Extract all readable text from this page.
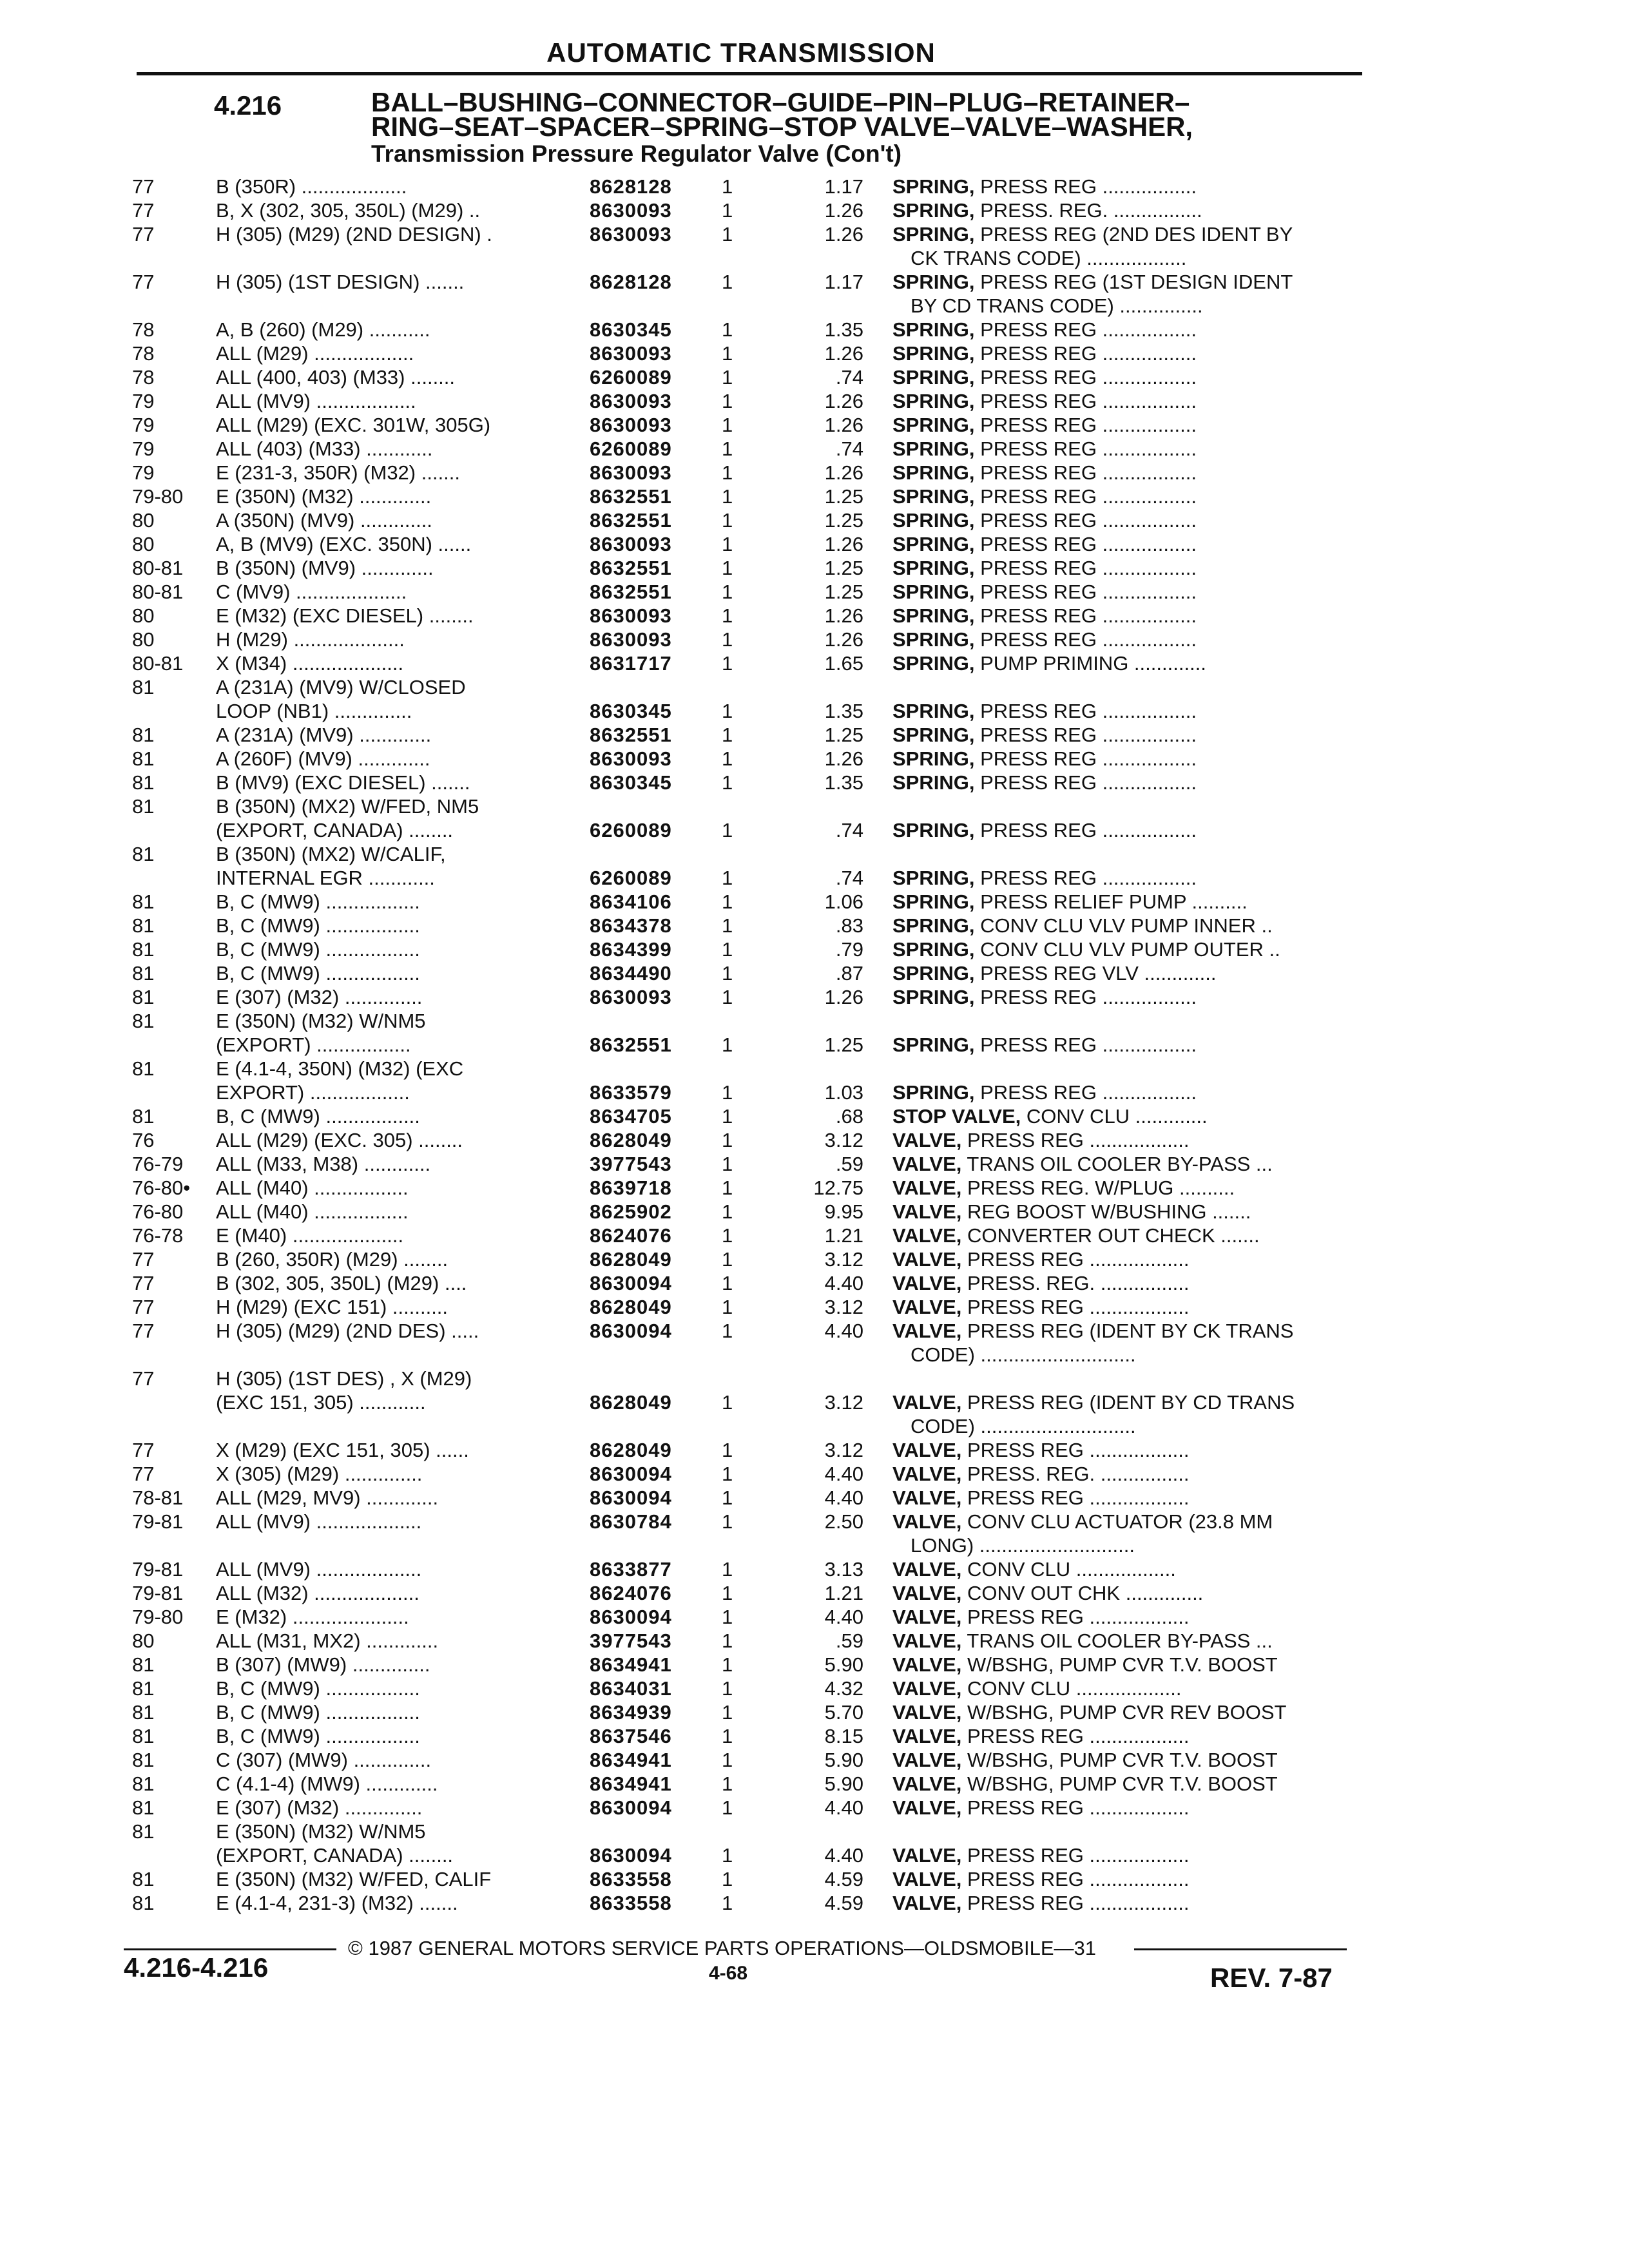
AUTOMATIC TRANSMISSION
4.216	BALL–BUSHING–CONNECTOR–GUIDE–PIN–PLUG–RETAINER–
RING–SEAT–SPACER–SPRING–STOP VALVE–VALVE–WASHER,
Transmission Pressure Regulator Valve (Con't)
77	B (350R) ...................	8628128 1	1.17 SPRING, PRESS REG .................
77	B, X (302, 305, 350L) (M29) ..	8630093 1	1.26 SPRING, PRESS. REG. ................
77	H (305) (M29) (2ND DESIGN) .	8630093 1	1.26 SPRING, PRESS REG (2ND DES IDENT BY
CK TRANS CODE) ..................
77	H (305) (1ST DESIGN) .......	8628128 1	1.17 SPRING, PRESS REG (1ST DESIGN IDENT
BY CD TRANS CODE) ...............
78	A, B (260) (M29) ...........	8630345 1	1.35 SPRING, PRESS REG .................
78	ALL (M29) ..................	8630093 1	1.26 SPRING, PRESS REG .................
78	ALL (400, 403) (M33) ........	6260089 1	.74 SPRING, PRESS REG .................
79	ALL (MV9) ..................	8630093 1	1.26 SPRING, PRESS REG .................
79	ALL (M29) (EXC. 301W, 305G)	8630093 1	1.26 SPRING, PRESS REG .................
79	ALL (403) (M33) ............	6260089 1	.74 SPRING, PRESS REG .................
79	E (231-3, 350R) (M32) .......	8630093 1	1.26 SPRING, PRESS REG .................
79-80	E (350N) (M32) .............	8632551 1	1.25 SPRING, PRESS REG .................
80	A (350N) (MV9) .............	8632551 1	1.25 SPRING, PRESS REG .................
80	A, B (MV9) (EXC. 350N) ......	8630093 1	1.26 SPRING, PRESS REG .................
80-81	B (350N) (MV9) .............	8632551 1	1.25 SPRING, PRESS REG .................
80-81	C (MV9) ....................	8632551 1	1.25 SPRING, PRESS REG .................
80	E (M32) (EXC DIESEL) ........	8630093 1	1.26 SPRING, PRESS REG .................
80	H (M29) ....................	8630093 1	1.26 SPRING, PRESS REG .................
80-81	X (M34) ....................	8631717 1	1.65 SPRING, PUMP PRIMING .............
81	A (231A) (MV9) W/CLOSED
LOOP (NB1) ..............	8630345 1	1.35 SPRING, PRESS REG .................
81	A (231A) (MV9) .............	8632551 1	1.25 SPRING, PRESS REG .................
81	A (260F) (MV9) .............	8630093 1	1.26 SPRING, PRESS REG .................
81	B (MV9) (EXC DIESEL) .......	8630345 1	1.35 SPRING, PRESS REG .................
81	B (350N) (MX2) W/FED, NM5
(EXPORT, CANADA) ........	6260089 1	.74 SPRING, PRESS REG .................
81	B (350N) (MX2) W/CALIF,
INTERNAL EGR ............	6260089 1	.74 SPRING, PRESS REG .................
81	B, C (MW9) .................	8634106 1	1.06 SPRING, PRESS RELIEF PUMP ..........
81	B, C (MW9) .................	8634378 1	.83 SPRING, CONV CLU VLV PUMP INNER ..
81	B, C (MW9) .................	8634399 1	.79 SPRING, CONV CLU VLV PUMP OUTER ..
81	B, C (MW9) .................	8634490 1	.87 SPRING, PRESS REG VLV .............
81	E (307) (M32) ..............	8630093 1	1.26 SPRING, PRESS REG .................
81	E (350N) (M32) W/NM5
(EXPORT) .................	8632551 1	1.25 SPRING, PRESS REG .................
81	E (4.1-4, 350N) (M32) (EXC
EXPORT) ..................	8633579 1	1.03 SPRING, PRESS REG .................
81	B, C (MW9) .................	8634705 1	.68 STOP VALVE, CONV CLU .............
76	ALL (M29) (EXC. 305) ........	8628049 1	3.12 VALVE, PRESS REG ..................
76-79	ALL (M33, M38) ............	3977543 1	.59 VALVE, TRANS OIL COOLER BY-PASS ...
76-80•	ALL (M40) .................	8639718 1	12.75 VALVE, PRESS REG. W/PLUG ..........
76-80	ALL (M40) .................	8625902 1	9.95 VALVE, REG BOOST W/BUSHING .......
76-78	E (M40) ....................	8624076 1	1.21 VALVE, CONVERTER OUT CHECK .......
77	B (260, 350R) (M29) ........	8628049 1	3.12 VALVE, PRESS REG ..................
77	B (302, 305, 350L) (M29) ....	8630094 1	4.40 VALVE, PRESS. REG. ................
77	H (M29) (EXC 151) ..........	8628049 1	3.12 VALVE, PRESS REG ..................
77	H (305) (M29) (2ND DES) .....	8630094 1	4.40 VALVE, PRESS REG (IDENT BY CK TRANS
CODE) ............................
77	H (305) (1ST DES) , X (M29)
(EXC 151, 305) ............	8628049 1	3.12 VALVE, PRESS REG (IDENT BY CD TRANS
CODE) ............................
77	X (M29) (EXC 151, 305) ......	8628049 1	3.12 VALVE, PRESS REG ..................
77	X (305) (M29) ..............	8630094 1	4.40 VALVE, PRESS. REG. ................
78-81	ALL (M29, MV9) .............	8630094 1	4.40 VALVE, PRESS REG ..................
79-81	ALL (MV9) ...................	8630784 1	2.50 VALVE, CONV CLU ACTUATOR (23.8 MM
LONG) ............................
79-81	ALL (MV9) ...................	8633877 1	3.13 VALVE, CONV CLU ..................
79-81	ALL (M32) ...................	8624076 1	1.21 VALVE, CONV OUT CHK ..............
79-80	E (M32) .....................	8630094 1	4.40 VALVE, PRESS REG ..................
80	ALL (M31, MX2) .............	3977543 1	.59 VALVE, TRANS OIL COOLER BY-PASS ...
81	B (307) (MW9) ..............	8634941 1	5.90 VALVE, W/BSHG, PUMP CVR T.V. BOOST
81	B, C (MW9) .................	8634031 1	4.32 VALVE, CONV CLU ...................
81	B, C (MW9) .................	8634939 1	5.70 VALVE, W/BSHG, PUMP CVR REV BOOST
81	B, C (MW9) .................	8637546 1	8.15 VALVE, PRESS REG ..................
81	C (307) (MW9) ..............	8634941 1	5.90 VALVE, W/BSHG, PUMP CVR T.V. BOOST
81	C (4.1-4) (MW9) .............	8634941 1	5.90 VALVE, W/BSHG, PUMP CVR T.V. BOOST
81	E (307) (M32) ..............	8630094 1	4.40 VALVE, PRESS REG ..................
81	E (350N) (M32) W/NM5
(EXPORT, CANADA) ........	8630094 1	4.40 VALVE, PRESS REG ..................
81	E (350N) (M32) W/FED, CALIF	8633558 1	4.59 VALVE, PRESS REG ..................
81	E (4.1-4, 231-3) (M32) .......	8633558 1	4.59 VALVE, PRESS REG ..................
© 1987 GENERAL MOTORS SERVICE PARTS OPERATIONS—OLDSMOBILE—31
4.216-4.216	4-68	REV. 7-87
